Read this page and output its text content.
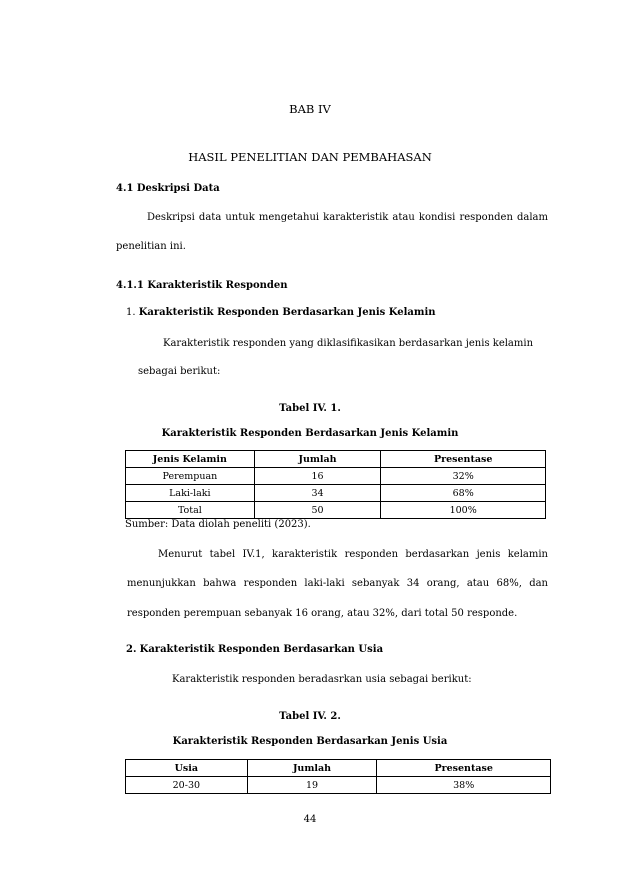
BAB IV
HASIL PENELITIAN DAN PEMBAHASAN
4.1 Deskripsi Data
Deskripsi data untuk mengetahui karakteristik atau kondisi responden dalam
penelitian ini.
4.1.1 Karakteristik Responden
1. Karakteristik Responden Berdasarkan Jenis Kelamin
Karakteristik responden yang diklasifikasikan berdasarkan jenis kelamin
sebagai berikut:
Tabel IV. 1.
Karakteristik Responden Berdasarkan Jenis Kelamin
Jenis Kelamin	Jumlah	Presentase
Perempuan	16	32%
Laki-laki	34	68%
Total	50	100%
Sumber: Data diolah peneliti (2023).
Menurut tabel IV.1, karakteristik responden berdasarkan jenis kelamin
menunjukkan bahwa responden laki-laki sebanyak 34 orang, atau 68%, dan
responden perempuan sebanyak 16 orang, atau 32%, dari total 50 responde.
2. Karakteristik Responden Berdasarkan Usia
Karakteristik responden beradasrkan usia sebagai berikut:
Tabel IV. 2.
Karakteristik Responden Berdasarkan Jenis Usia
Usia	Jumlah	Presentase
20-30	19	38%
44
